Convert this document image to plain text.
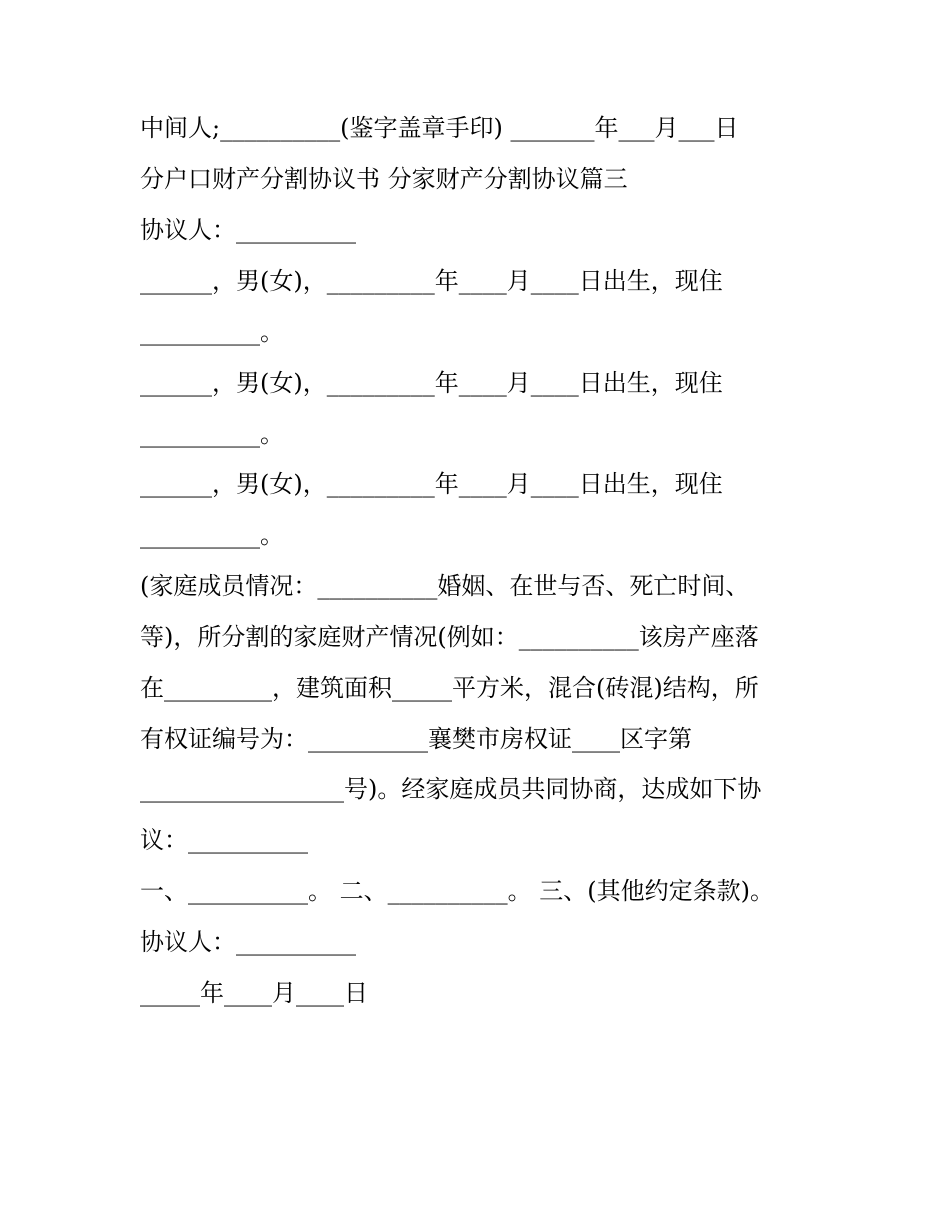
中间人;__________(鉴字盖章手印) _______年___月___日
分户口财产分割协议书 分家财产分割协议篇三
协议人：__________
______，男(女)，_________年____月____日出生，现住
__________。
______，男(女)，_________年____月____日出生，现住
__________。
______，男(女)，_________年____月____日出生，现住
__________。
(家庭成员情况：__________婚姻、在世与否、死亡时间、
等)，所分割的家庭财产情况(例如：__________该房产座落
在_________，建筑面积_____平方米，混合(砖混)结构，所
有权证编号为：__________襄樊市房权证____区字第
_________________号)。经家庭成员共同协商，达成如下协
议：__________
一、__________。 二、__________。 三、(其他约定条款)。
协议人：__________
_____年____月____日
